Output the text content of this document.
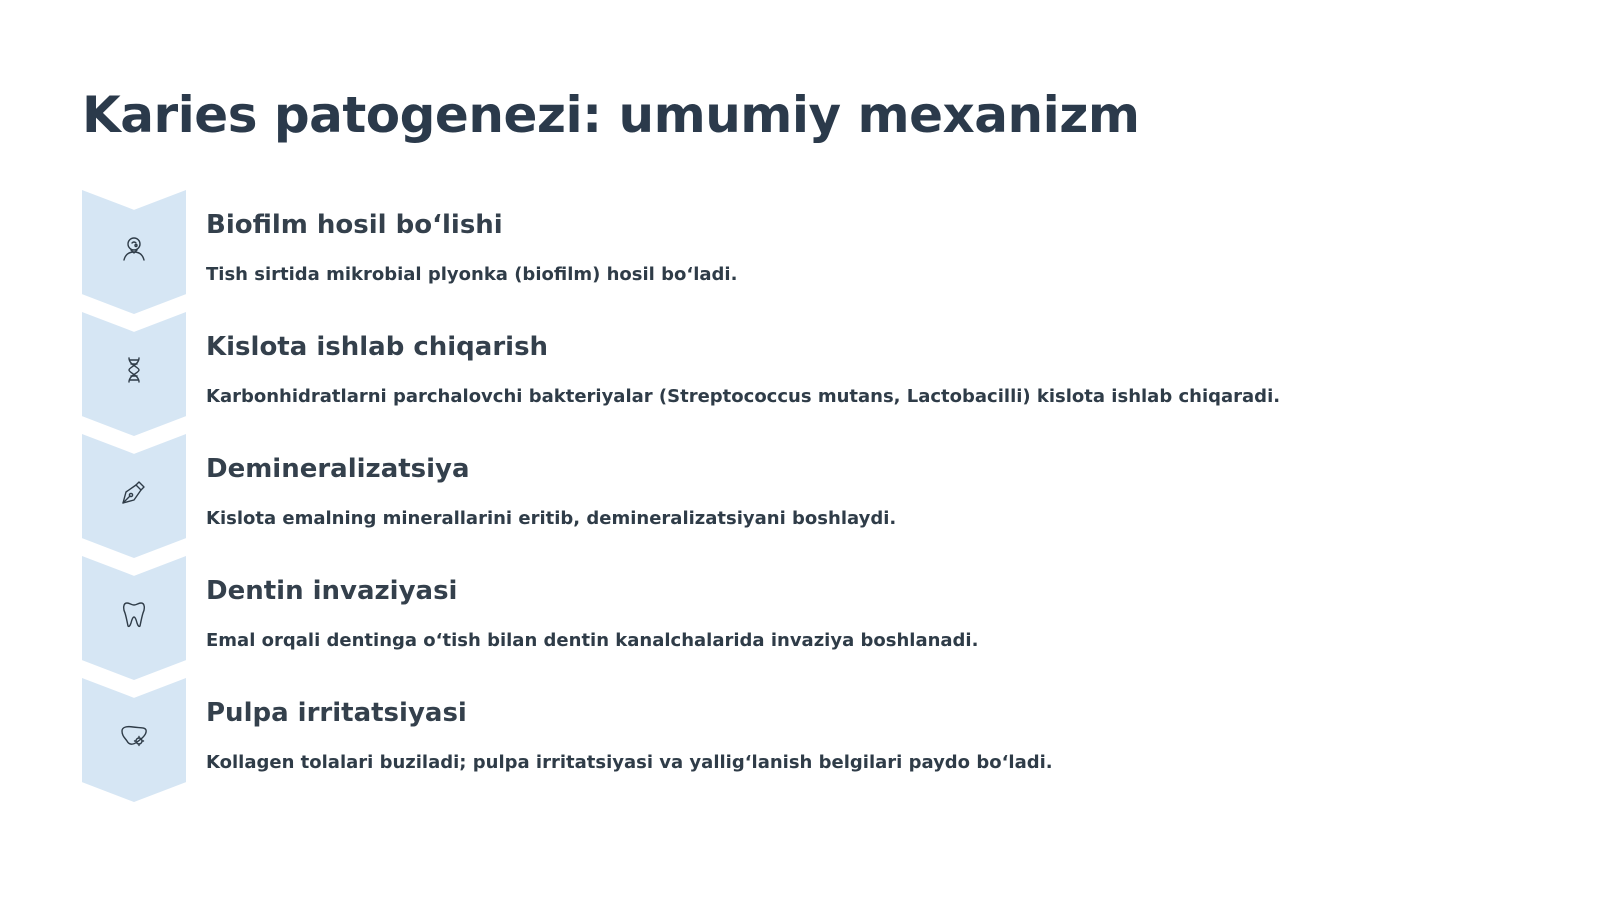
Karies patogenezi: umumiy mexanizm
Biofilm hosil boʻlishi
Tish sirtida mikrobial plyonka (biofilm) hosil boʻladi.
Kislota ishlab chiqarish
Karbonhidratlarni parchalovchi bakteriyalar (Streptococcus mutans, Lactobacilli) kislota ishlab chiqaradi.
Demineralizatsiya
Kislota emalning minerallarini eritib, demineralizatsiyani boshlaydi.
Dentin invaziyasi
Emal orqali dentinga oʻtish bilan dentin kanalchalarida invaziya boshlanadi.
Pulpa irritatsiyasi
Kollagen tolalari buziladi; pulpa irritatsiyasi va yalligʻlanish belgilari paydo boʻladi.
